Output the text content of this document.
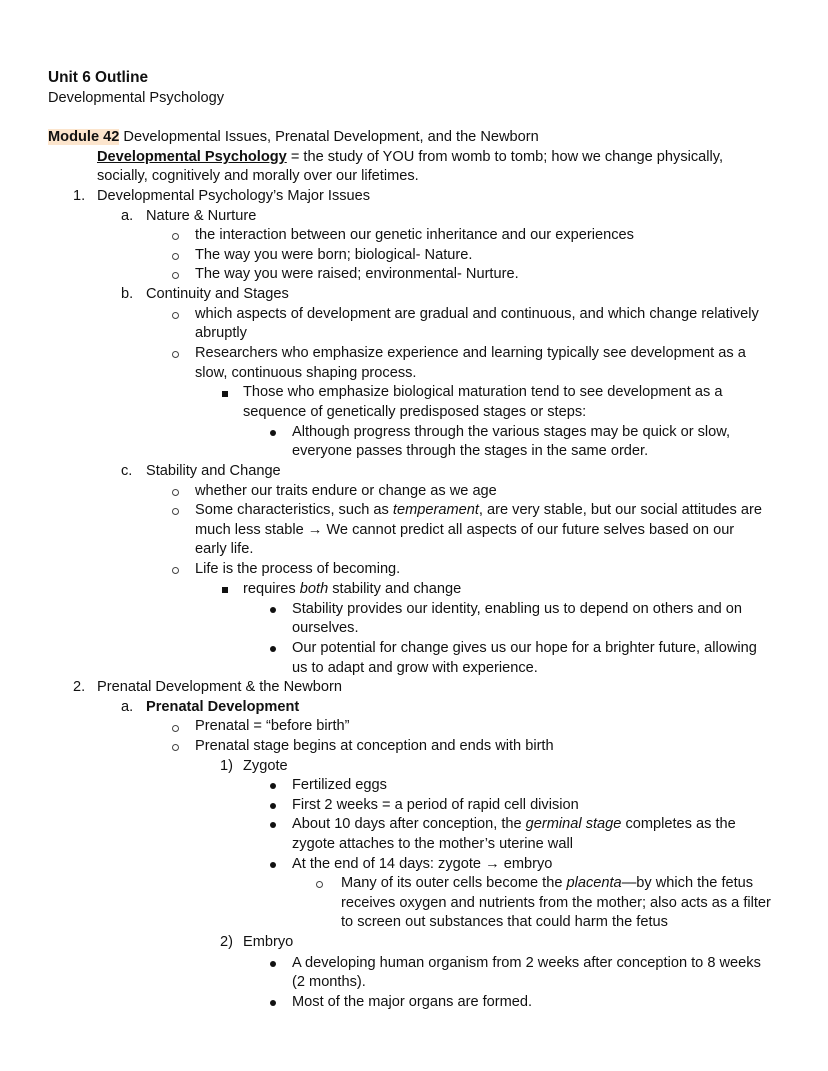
Unit 6 Outline
Developmental Psychology
Module 42 Developmental Issues, Prenatal Development, and the Newborn
Developmental Psychology = the study of YOU from womb to tomb; how we change physically,
socially, cognitively and morally over our lifetimes.
1. Developmental Psychology’s Major Issues
a. Nature & Nurture
the interaction between our genetic inheritance and our experiences
The way you were born; biological- Nature.
The way you were raised; environmental- Nurture.
b. Continuity and Stages
which aspects of development are gradual and continuous, and which change relatively
abruptly
Researchers who emphasize experience and learning typically see development as a
slow, continuous shaping process.
Those who emphasize biological maturation tend to see development as a
sequence of genetically predisposed stages or steps:
Although progress through the various stages may be quick or slow,
everyone passes through the stages in the same order.
c. Stability and Change
whether our traits endure or change as we age
Some characteristics, such as temperament, are very stable, but our social attitudes are
much less stable → We cannot predict all aspects of our future selves based on our
early life.
Life is the process of becoming.
requires both stability and change
Stability provides our identity, enabling us to depend on others and on
ourselves.
Our potential for change gives us our hope for a brighter future, allowing
us to adapt and grow with experience.
2. Prenatal Development & the Newborn
a. Prenatal Development
Prenatal = “before birth”
Prenatal stage begins at conception and ends with birth
1) Zygote
Fertilized eggs
First 2 weeks = a period of rapid cell division
About 10 days after conception, the germinal stage completes as the
zygote attaches to the mother’s uterine wall
At the end of 14 days: zygote → embryo
Many of its outer cells become the placenta—by which the fetus
receives oxygen and nutrients from the mother; also acts as a filter
to screen out substances that could harm the fetus
2) Embryo
A developing human organism from 2 weeks after conception to 8 weeks
(2 months).
Most of the major organs are formed.
